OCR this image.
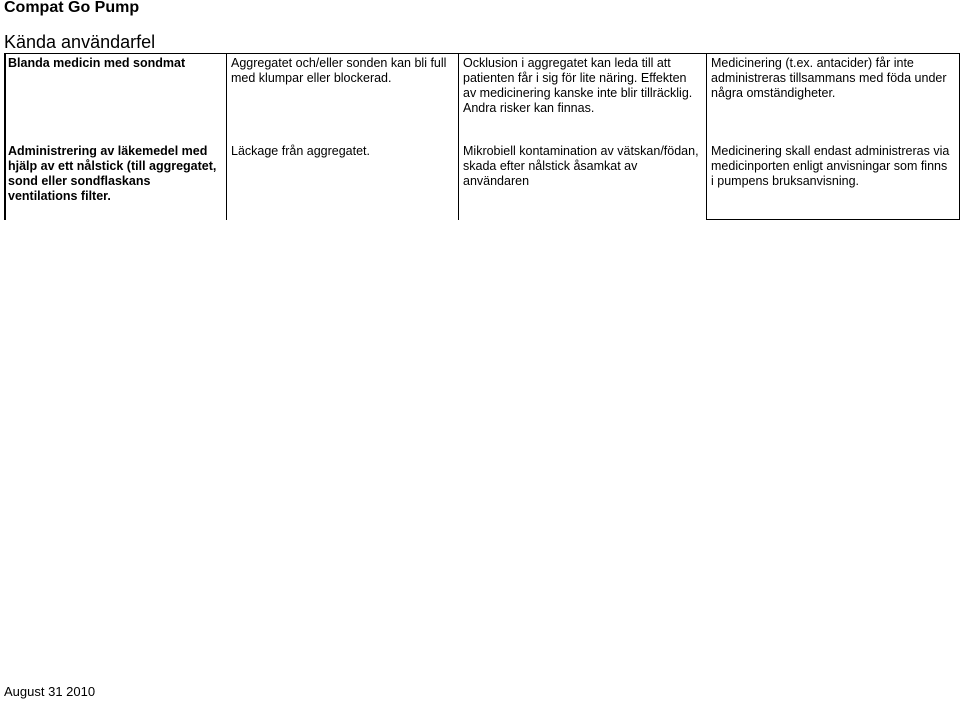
Compat Go Pump
Kända användarfel
Blanda medicin med sondmat	Aggregatet och/eller sonden kan bli full med klumpar eller blockerad.
Ocklusion i aggregatet kan leda till att patienten får i sig för lite näring. Effekten av medicinering kanske inte blir tillräcklig. Andra risker kan finnas.
Medicinering (t.ex. antacider) får inte administreras tillsammans med föda under några omständigheter.
Administrering av läkemedel med hjälp av ett nålstick (till aggregatet, sond eller sondflaskans ventilations filter.
Läckage från aggregatet.	Mikrobiell kontamination av vätskan/födan, skada efter nålstick åsamkat av användaren
Medicinering skall endast administreras via medicinporten enligt anvisningar som finns i pumpens bruksanvisning.
August 31 2010
